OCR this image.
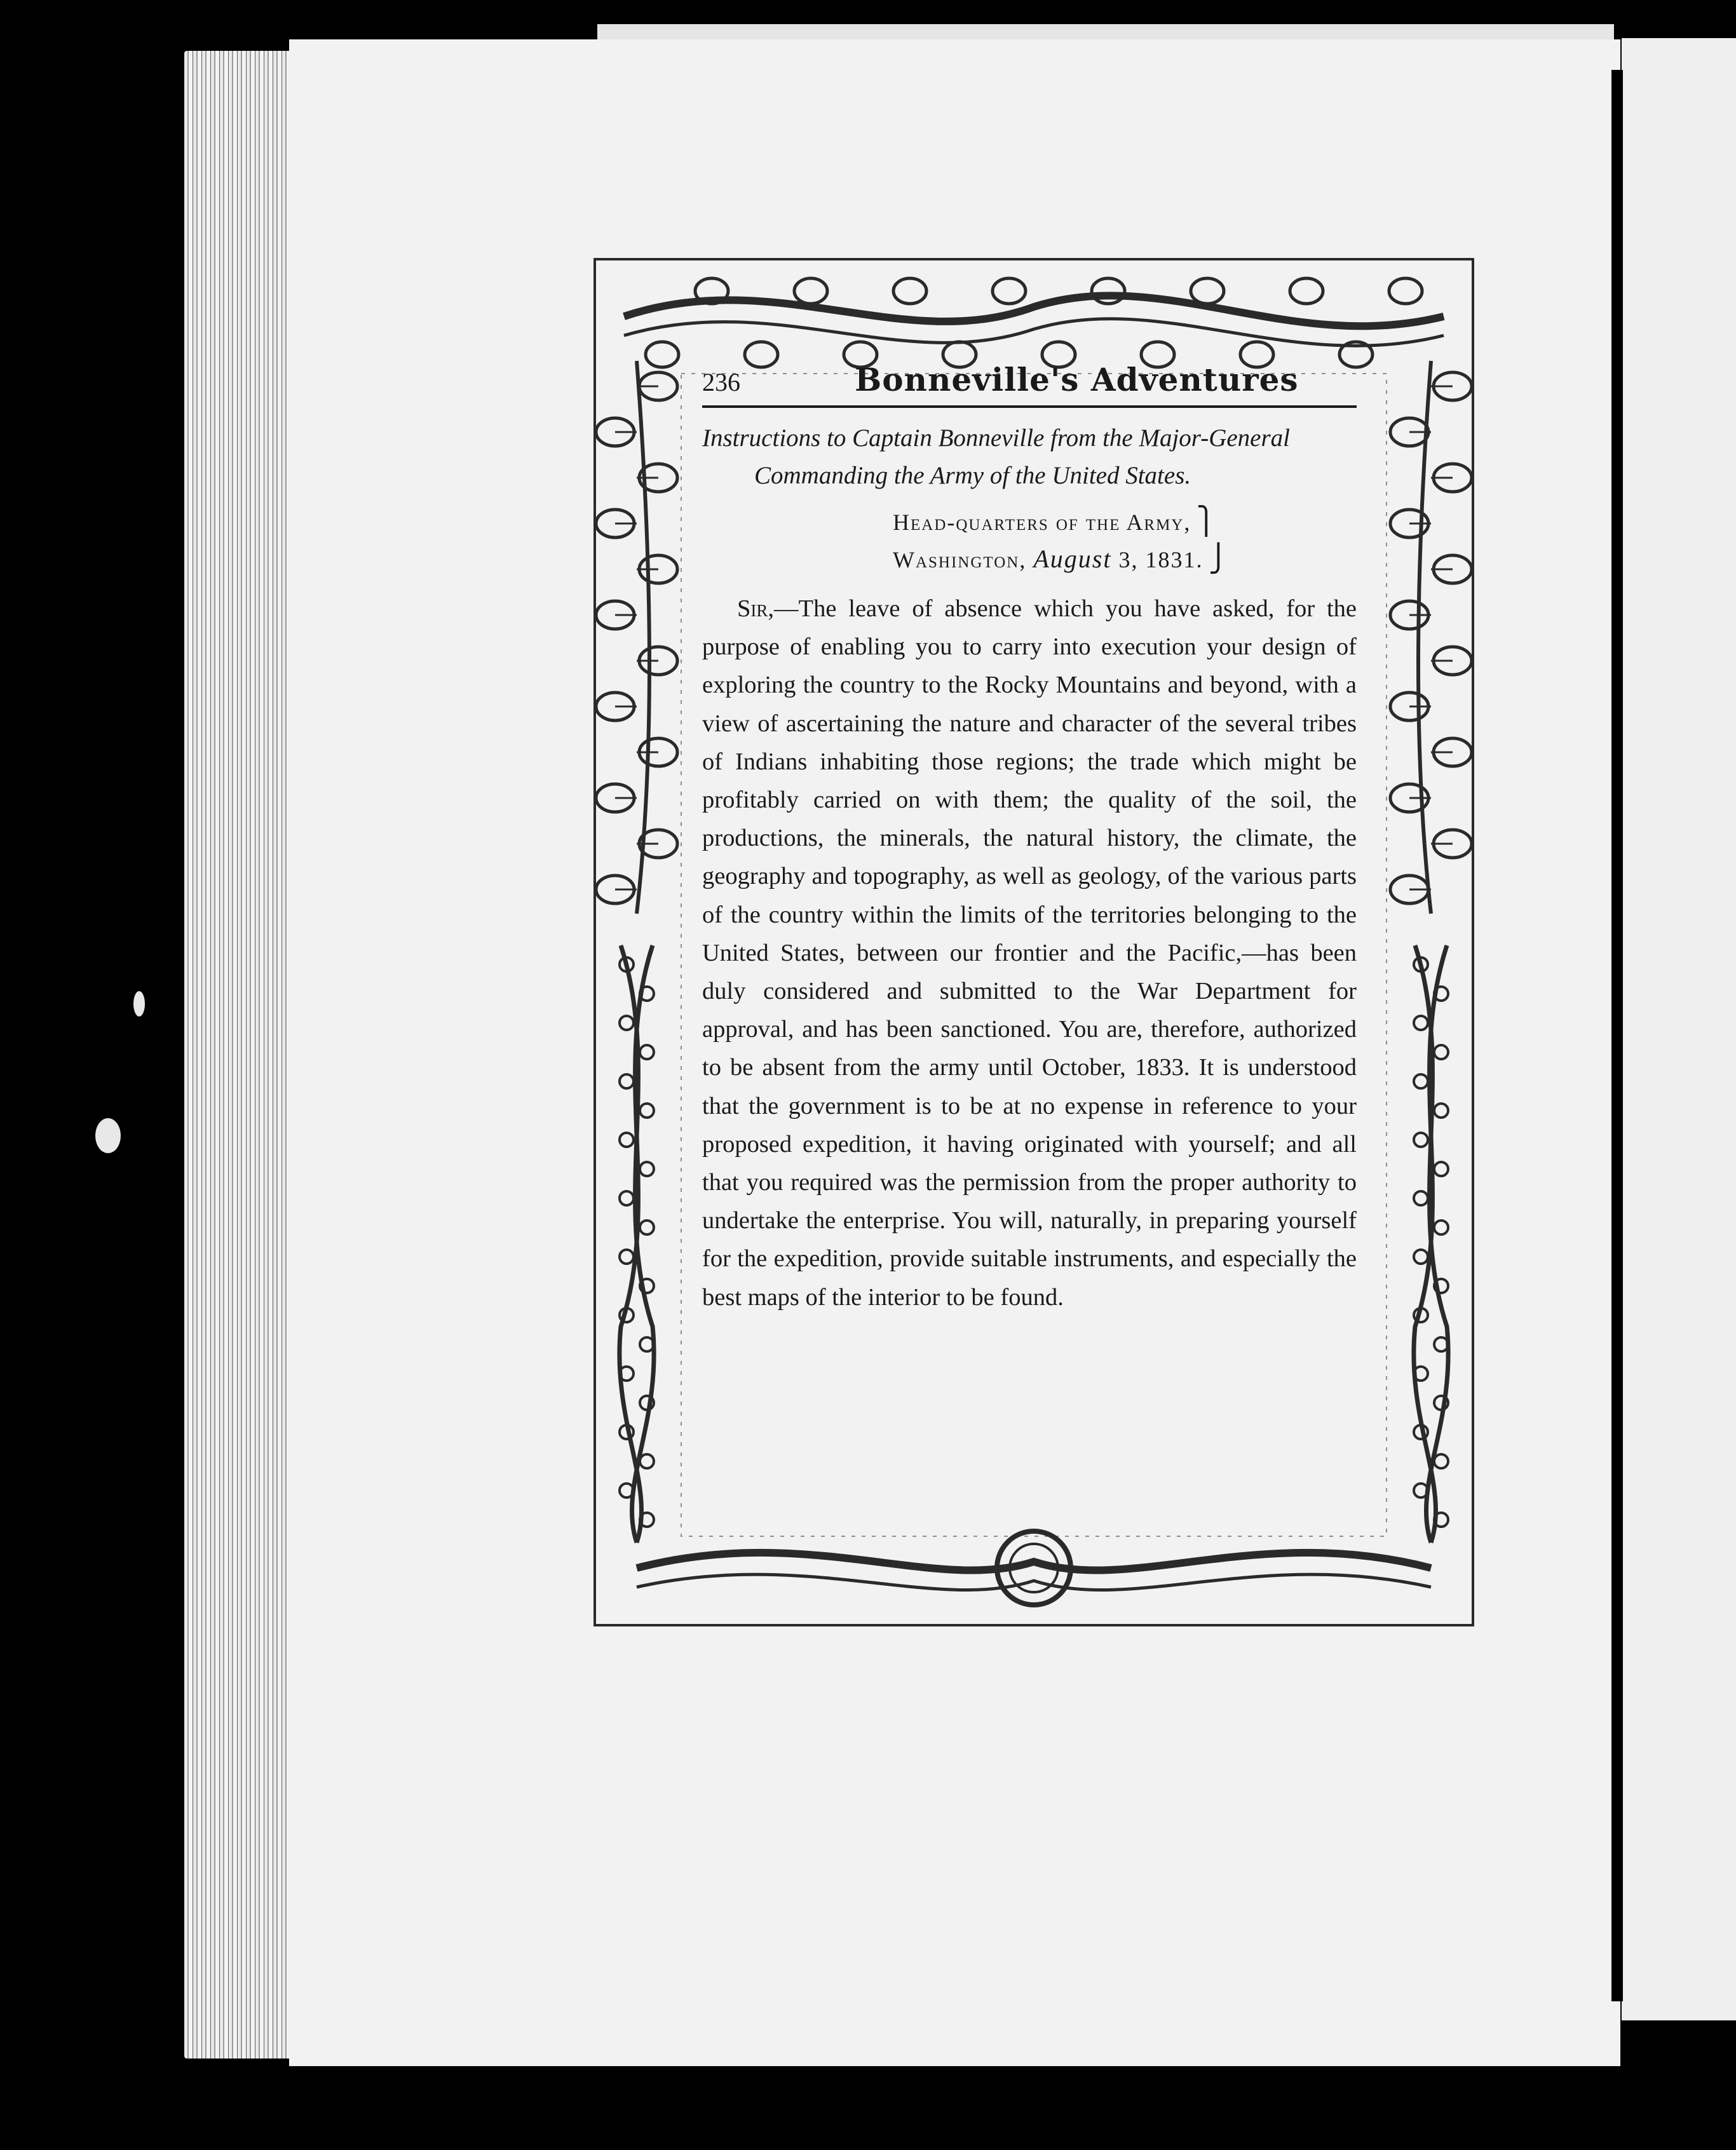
236	Bonneville's Adventures
Instructions to Captain Bonneville from the Major-General Commanding the Army of the United States.
Head-quarters of the Army, ⎫
Washington, August 3, 1831. ⎭
Sir,—The leave of absence which you have asked, for the purpose of enabling you to carry into execution your design of exploring the country to the Rocky Mountains and beyond, with a view of ascertaining the nature and character of the several tribes of Indians inhabiting those regions; the trade which might be profitably carried on with them; the quality of the soil, the productions, the minerals, the natural history, the climate, the geography and topography, as well as geology, of the various parts of the country within the limits of the territories belonging to the United States, between our frontier and the Pacific,—has been duly considered and submitted to the War Department for approval, and has been sanctioned. You are, therefore, authorized to be absent from the army until October, 1833. It is understood that the government is to be at no expense in reference to your proposed expedition, it having originated with yourself; and all that you required was the permission from the proper authority to undertake the enterprise. You will, naturally, in preparing yourself for the expedition, provide suitable instruments, and especially the best maps of the interior to be found.
